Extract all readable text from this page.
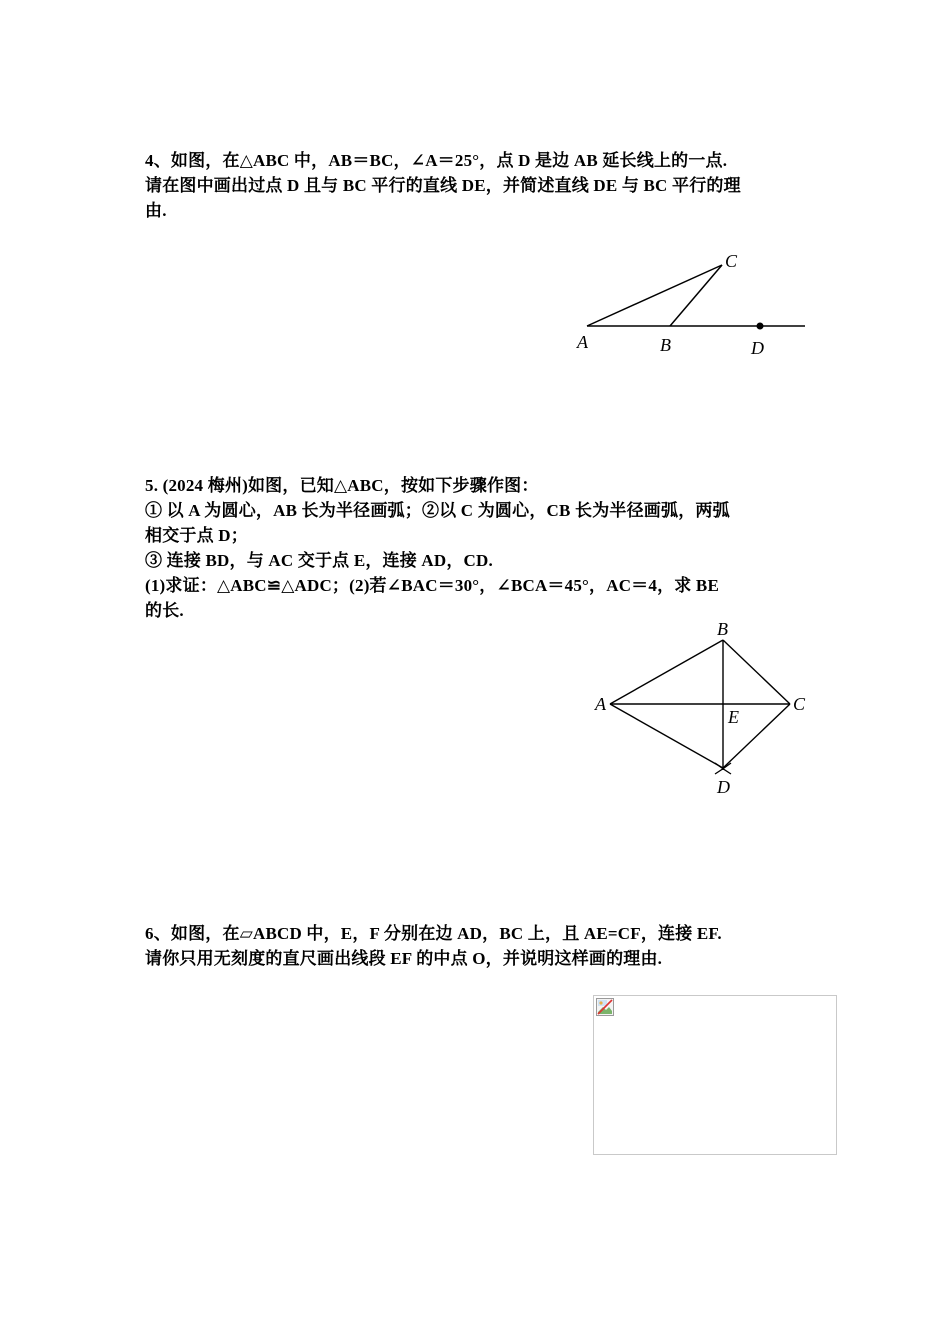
4、如图，在△ABC 中，AB＝BC，∠A＝25°，点 D 是边 AB 延长线上的一点.

请在图中画出过点 D 且与 BC 平行的直线 DE，并简述直线 DE 与 BC 平行的理

由.

C
A	B	D

5. (2024 梅州)如图，已知△ABC，按如下步骤作图：

① 以 A 为圆心，AB 长为半径画弧；②以 C 为圆心，CB 长为半径画弧，两弧

相交于点 D；

③ 连接 BD，与 AC 交于点 E，连接 AD，CD.

(1)求证：△ABC≌△ADC；(2)若∠BAC＝30°，∠BCA＝45°，AC＝4，求 BE

的长.

B
A	C
E
D

6、如图，在▱ABCD 中，E，F 分别在边 AD，BC 上，且 AE=CF，连接 EF.

请你只用无刻度的直尺画出线段 EF 的中点 O，并说明这样画的理由.
